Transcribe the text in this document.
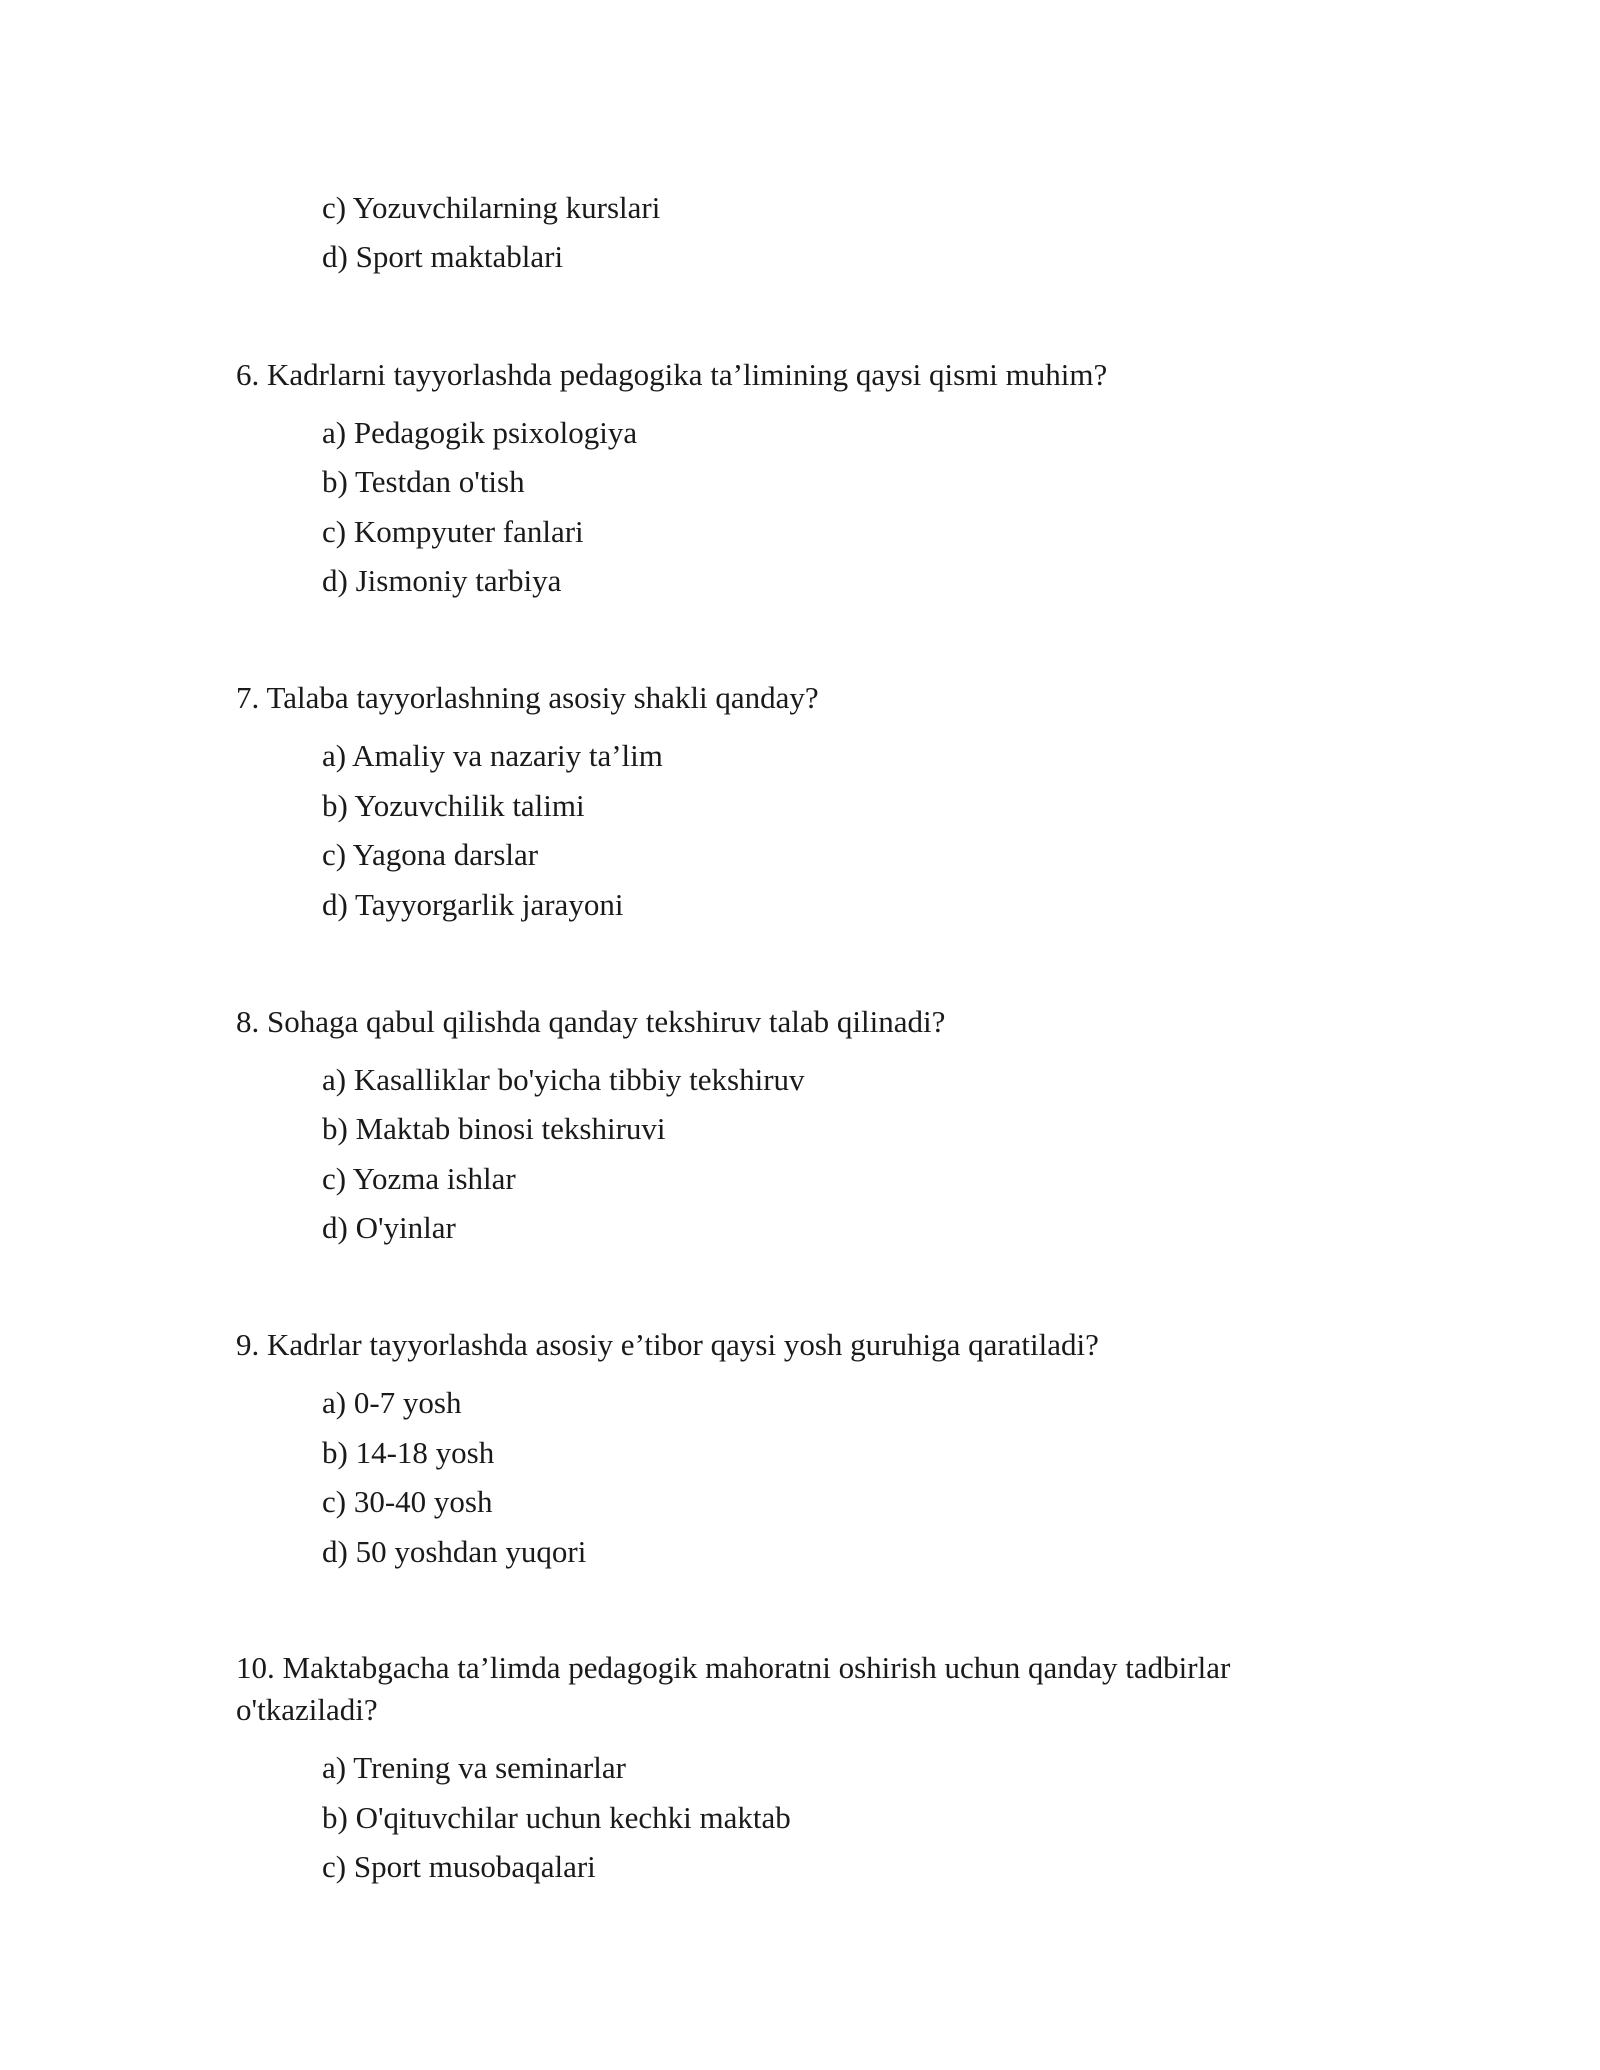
c) Yozuvchilarning kurslari
d) Sport maktablari
6. Kadrlarni tayyorlashda pedagogika ta’limining qaysi qismi muhim?
a) Pedagogik psixologiya
b) Testdan o'tish
c) Kompyuter fanlari
d) Jismoniy tarbiya
7. Talaba tayyorlashning asosiy shakli qanday?
a) Amaliy va nazariy ta’lim
b) Yozuvchilik talimi
c) Yagona darslar
d) Tayyorgarlik jarayoni
8. Sohaga qabul qilishda qanday tekshiruv talab qilinadi?
a) Kasalliklar bo'yicha tibbiy tekshiruv
b) Maktab binosi tekshiruvi
c) Yozma ishlar
d) O'yinlar
9. Kadrlar tayyorlashda asosiy e’tibor qaysi yosh guruhiga qaratiladi?
a) 0-7 yosh
b) 14-18 yosh
c) 30-40 yosh
d) 50 yoshdan yuqori
10. Maktabgacha ta’limda pedagogik mahoratni oshirish uchun qanday tadbirlar
o'tkaziladi?
a) Trening va seminarlar
b) O'qituvchilar uchun kechki maktab
c) Sport musobaqalari
